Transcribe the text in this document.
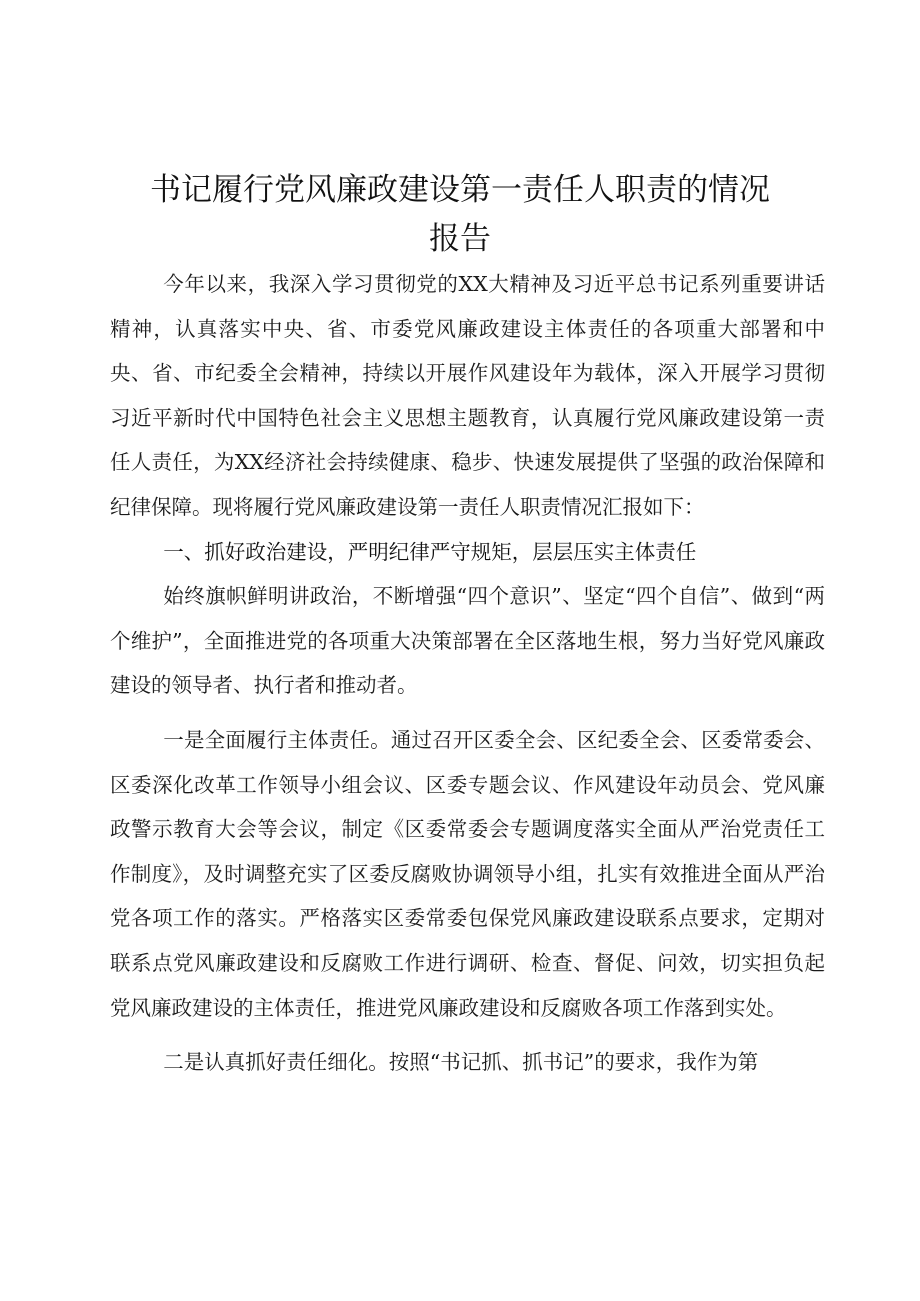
书记履行党风廉政建设第一责任人职责的情况
报告

今年以来，我深入学习贯彻党的XX大精神及习近平总书记系列重要讲话精神，认真落实中央、省、市委党风廉政建设主体责任的各项重大部署和中央、省、市纪委全会精神，持续以开展作风建设年为载体，深入开展学习贯彻习近平新时代中国特色社会主义思想主题教育，认真履行党风廉政建设第一责任人责任，为XX经济社会持续健康、稳步、快速发展提供了坚强的政治保障和纪律保障。现将履行党风廉政建设第一责任人职责情况汇报如下：

一、抓好政治建设，严明纪律严守规矩，层层压实主体责任

始终旗帜鲜明讲政治，不断增强“四个意识”、坚定“四个自信”、做到“两个维护”，全面推进党的各项重大决策部署在全区落地生根，努力当好党风廉政建设的领导者、执行者和推动者。

一是全面履行主体责任。通过召开区委全会、区纪委全会、区委常委会、区委深化改革工作领导小组会议、区委专题会议、作风建设年动员会、党风廉政警示教育大会等会议，制定《区委常委会专题调度落实全面从严治党责任工作制度》，及时调整充实了区委反腐败协调领导小组，扎实有效推进全面从严治党各项工作的落实。严格落实区委常委包保党风廉政建设联系点要求，定期对联系点党风廉政建设和反腐败工作进行调研、检查、督促、问效，切实担负起党风廉政建设的主体责任，推进党风廉政建设和反腐败各项工作落到实处。

二是认真抓好责任细化。按照“书记抓、抓书记”的要求，我作为第
